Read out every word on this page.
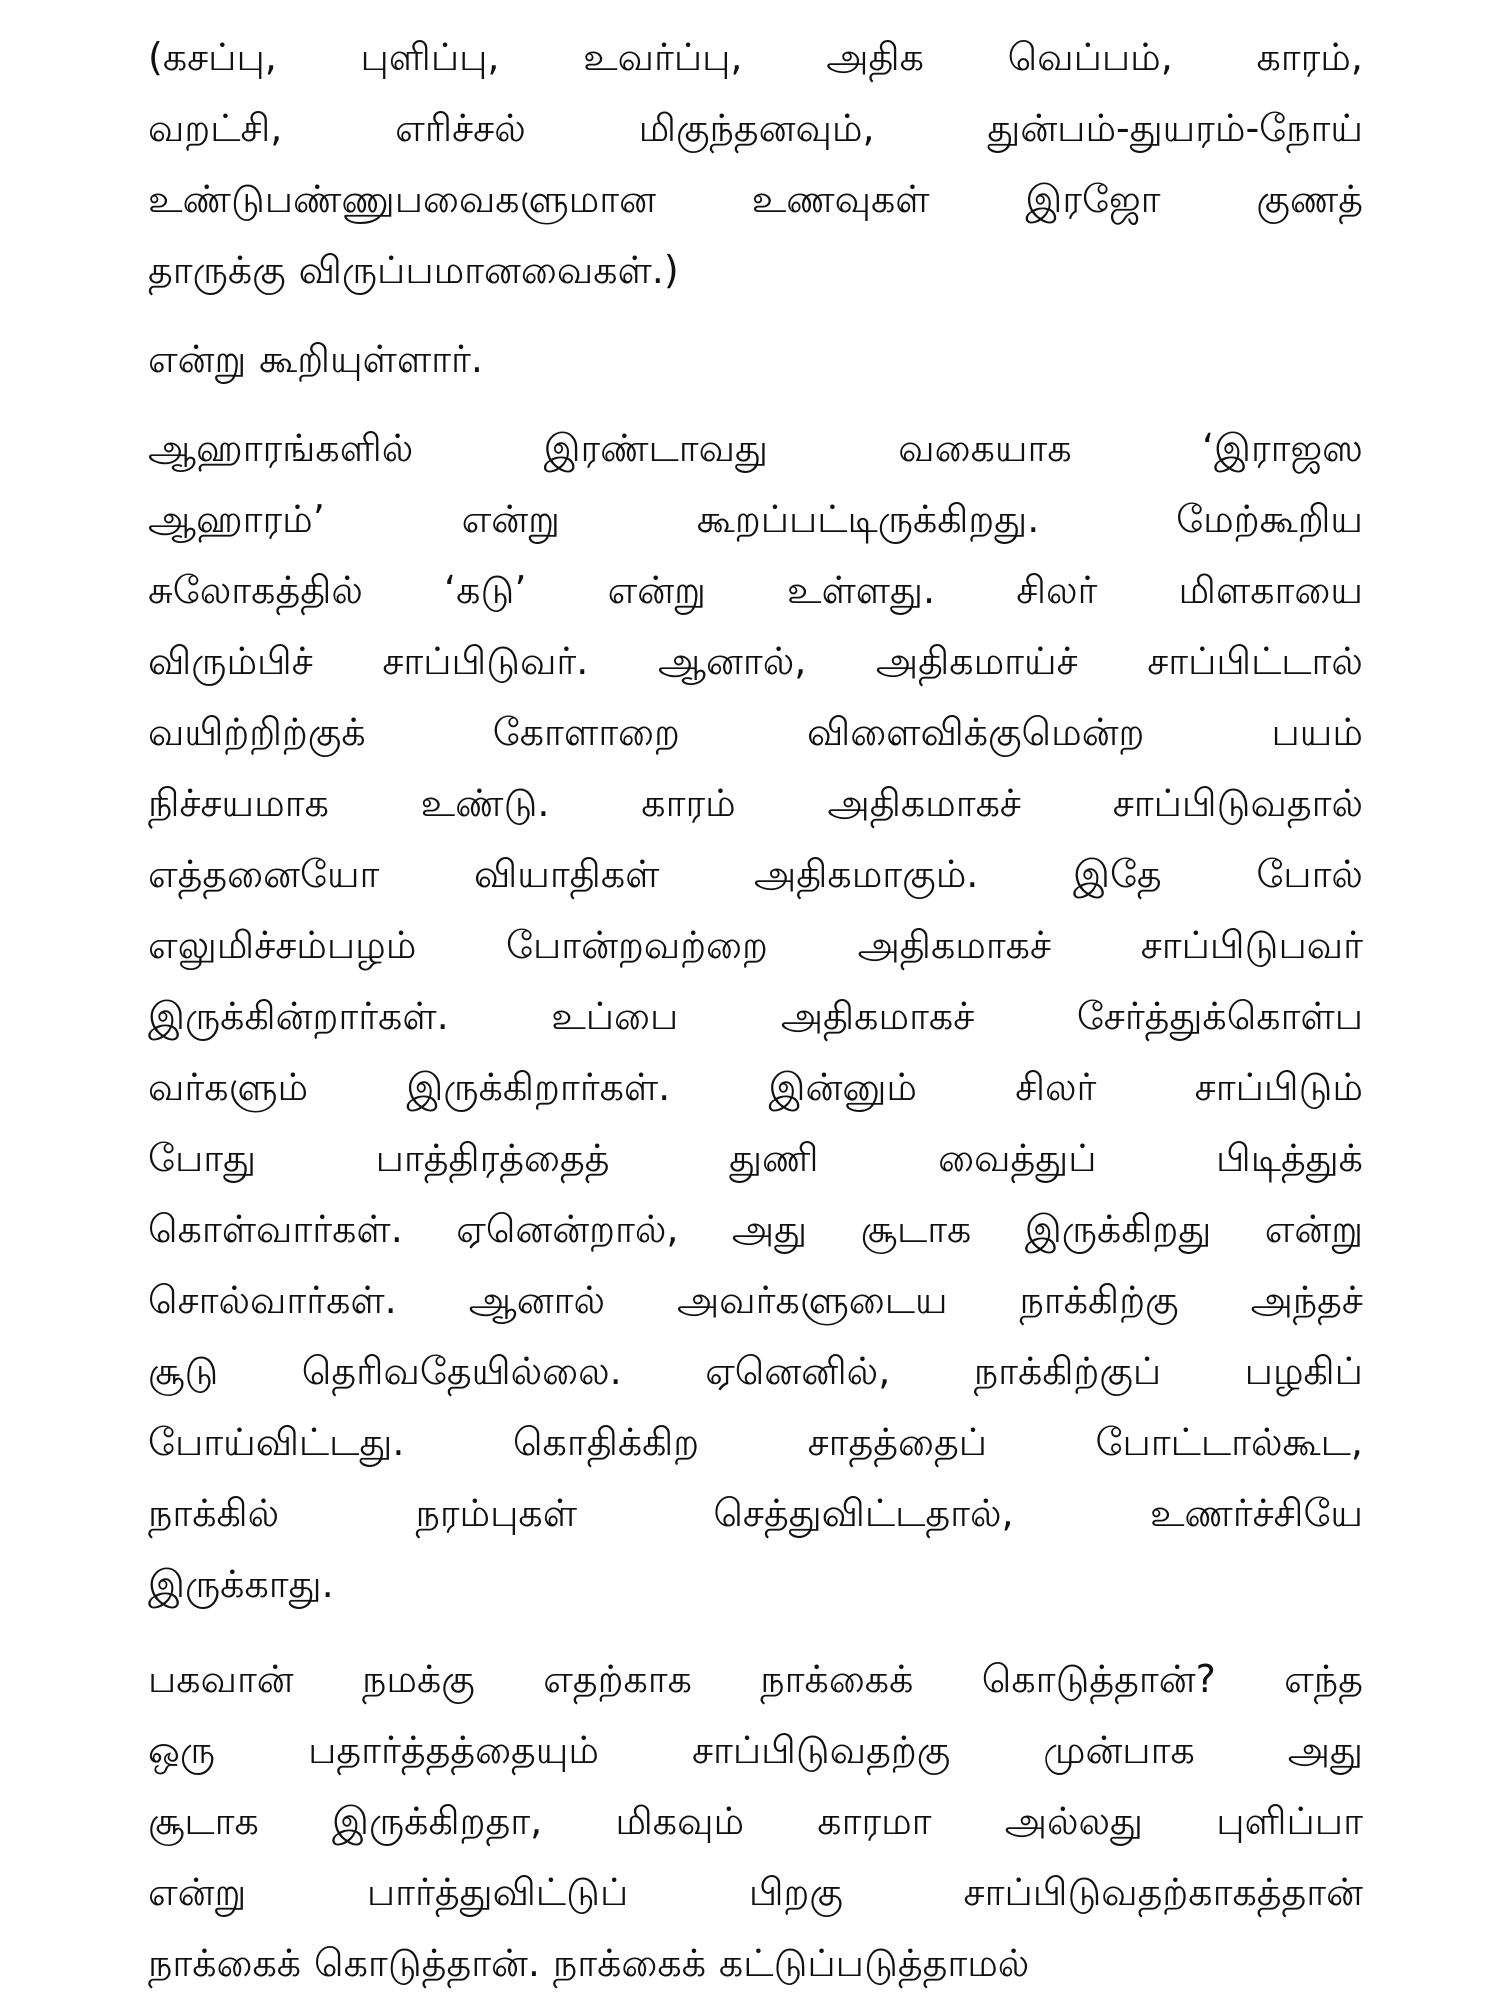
(கசப்பு, புளிப்பு, உவர்ப்பு, அதிக வெப்பம், காரம்,
வறட்சி,	எரிச்சல்	மிகுந்தனவும்,	துன்பம்-துயரம்-நோய்
உண்டுபண்ணுபவைகளுமான	உணவுகள்	இரஜோ	குணத்
தாருக்கு விருப்பமானவைகள்.)
என்று கூறியுள்ளார்.
ஆஹாரங்களில்	இரண்டாவது	வகையாக	‘இராஜஸ
ஆஹாரம்’	என்று	கூறப்பட்டிருக்கிறது.	மேற்கூறிய
சுலோகத்தில் ‘கடு’ என்று உள்ளது. சிலர் மிளகாயை
விரும்பிச் சாப்பிடுவர். ஆனால், அதிகமாய்ச் சாப்பிட்டால்
வயிற்றிற்குக்	கோளாறை	விளைவிக்குமென்ற	பயம்
நிச்சயமாக உண்டு. காரம் அதிகமாகச் சாப்பிடுவதால்
எத்தனையோ வியாதிகள் அதிகமாகும். இதே போல்
எலுமிச்சம்பழம் போன்றவற்றை அதிகமாகச் சாப்பிடுபவர்
இருக்கின்றார்கள்.	உப்பை	அதிகமாகச்	சேர்த்துக்கொள்ப
வர்களும்	இருக்கிறார்கள்.	இன்னும்	சிலர்	சாப்பிடும்
போது	பாத்திரத்தைத்	துணி	வைத்துப்	பிடித்துக்
கொள்வார்கள். ஏனென்றால், அது சூடாக இருக்கிறது என்று
சொல்வார்கள். ஆனால் அவர்களுடைய நாக்கிற்கு அந்தச்
சூடு தெரிவதேயில்லை. ஏனெனில், நாக்கிற்குப் பழகிப்
போய்விட்டது.	கொதிக்கிற	சாதத்தைப்	போட்டால்கூட,
நாக்கில்	நரம்புகள்	செத்துவிட்டதால்,	உணர்ச்சியே
இருக்காது.
பகவான் நமக்கு எதற்காக நாக்கைக் கொடுத்தான்? எந்த
ஒரு பதார்த்தத்தையும் சாப்பிடுவதற்கு முன்பாக அது
சூடாக இருக்கிறதா, மிகவும் காரமா அல்லது புளிப்பா
என்று	பார்த்துவிட்டுப்	பிறகு	சாப்பிடுவதற்காகத்தான்
நாக்கைக் கொடுத்தான். நாக்கைக் கட்டுப்படுத்தாமல்
